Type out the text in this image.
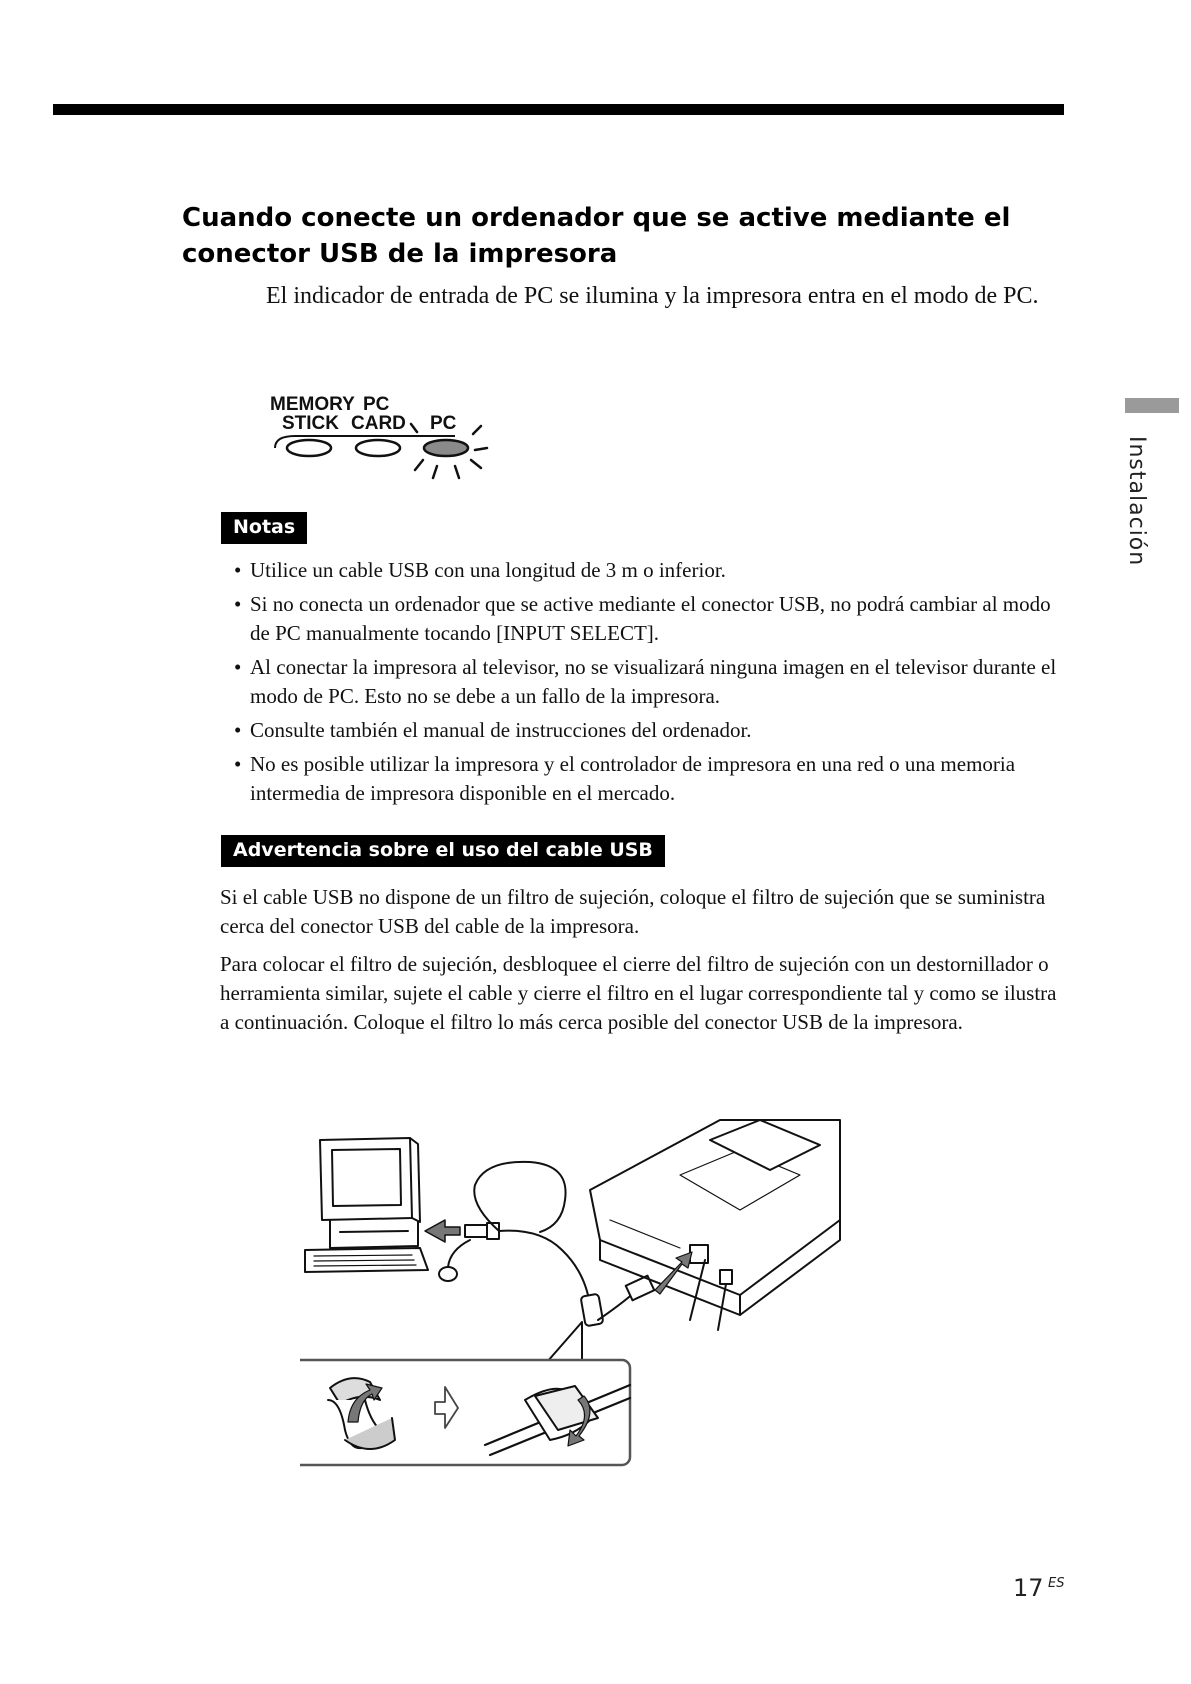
Instalación
Cuando conecte un ordenador que se active mediante el conector USB de la impresora

El indicador de entrada de PC se ilumina y la impresora entra en el modo de PC.

MEMORY
STICK
PC
CARD PC
Notas
• Utilice un cable USB con una longitud de 3 m o inferior.
• Si no conecta un ordenador que se active mediante el conector USB, no podrá cambiar al modo de PC manualmente tocando [INPUT SELECT].
• Al conectar la impresora al televisor, no se visualizará ninguna imagen en el televisor durante el modo de PC. Esto no se debe a un fallo de la impresora.
• Consulte también el manual de instrucciones del ordenador.
• No es posible utilizar la impresora y el controlador de impresora en una red o una memoria intermedia de impresora disponible en el mercado.
Advertencia sobre el uso del cable USB

Si el cable USB no dispone de un filtro de sujeción, coloque el filtro de sujeción que se suministra cerca del conector USB del cable de la impresora.

Para colocar el filtro de sujeción, desbloquee el cierre del filtro de sujeción con un destornillador o herramienta similar, sujete el cable y cierre el filtro en el lugar correspondiente tal y como se ilustra a continuación. Coloque el filtro lo más cerca posible del conector USB de la impresora.

17 ES
